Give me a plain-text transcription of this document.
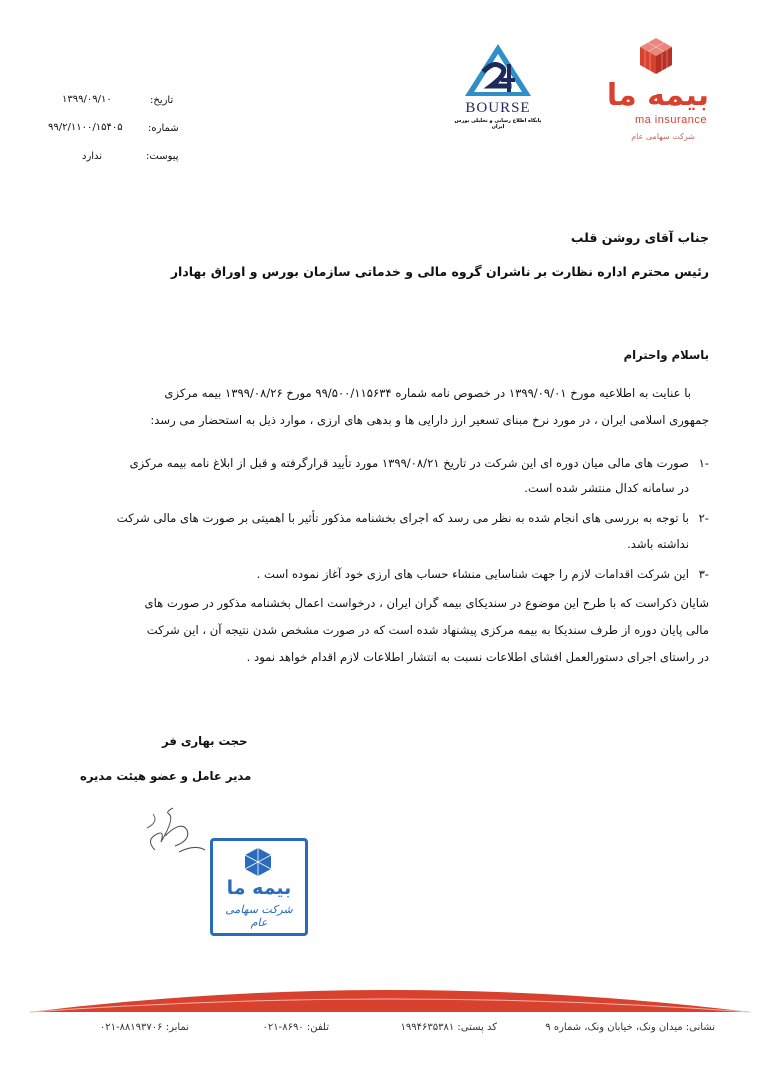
بیمه ما
ma insurance
شرکت سهامی عام
BOURSE
پایگاه اطلاع رسانی و تحلیلی بورس ایران
تاریخ:
۱۳۹۹/۰۹/۱۰
شماره:
۹۹/۲/۱۱۰۰/۱۵۴۰۵
پیوست:
ندارد
جناب آقای روشن قلب
رئیس محترم اداره نظارت بر ناشران گروه مالی و خدماتی سازمان بورس و اوراق بهادار
باسلام واحترام
با عنایت به اطلاعیه مورخ ۱۳۹۹/۰۹/۰۱ در خصوص نامه شماره ۹۹/۵۰۰/۱۱۵۶۳۴ مورخ ۱۳۹۹/۰۸/۲۶ بیمه مرکزی
جمهوری اسلامی ایران ، در مورد نرخ مبنای تسعیر ارز دارایی ها و بدهی های ارزی ، موارد ذیل به استحضار می رسد:
۱-
صورت های مالی میان دوره ای این شرکت در تاریخ ۱۳۹۹/۰۸/۲۱ مورد تأیید قرارگرفته و قبل از ابلاغ نامه بیمه مرکزی
در سامانه کدال منتشر شده است.
۲-
با توجه به بررسی های انجام شده به نظر می رسد که اجرای بخشنامه مذکور تأثیر با اهمیتی بر صورت های مالی شرکت
نداشته باشد.
۳-
این شرکت اقدامات لازم را جهت شناسایی منشاء حساب های ارزی خود آغاز نموده است .
شایان ذکراست که با طرح این موضوع در سندیکای بیمه گران ایران ، درخواست اعمال بخشنامه مذکور در صورت های
مالی پایان دوره از طرف سندیکا به بیمه مرکزی پیشنهاد شده است که در صورت مشخص شدن نتیجه آن ، این شرکت
در راستای اجرای دستورالعمل افشای اطلاعات نسبت به انتشار اطلاعات لازم اقدام خواهد نمود .
حجت بهاری فر
مدیر عامل و عضو هیئت مدیره
بیمه ما
شرکت سهامی عام
نشانی: میدان ونک، خیابان ونک، شماره ۹
کد پستی: ۱۹۹۴۶۳۵۳۸۱
تلفن: ۸۶۹۰-۰۲۱
نمابر: ۸۸۱۹۳۷۰۶-۰۲۱
